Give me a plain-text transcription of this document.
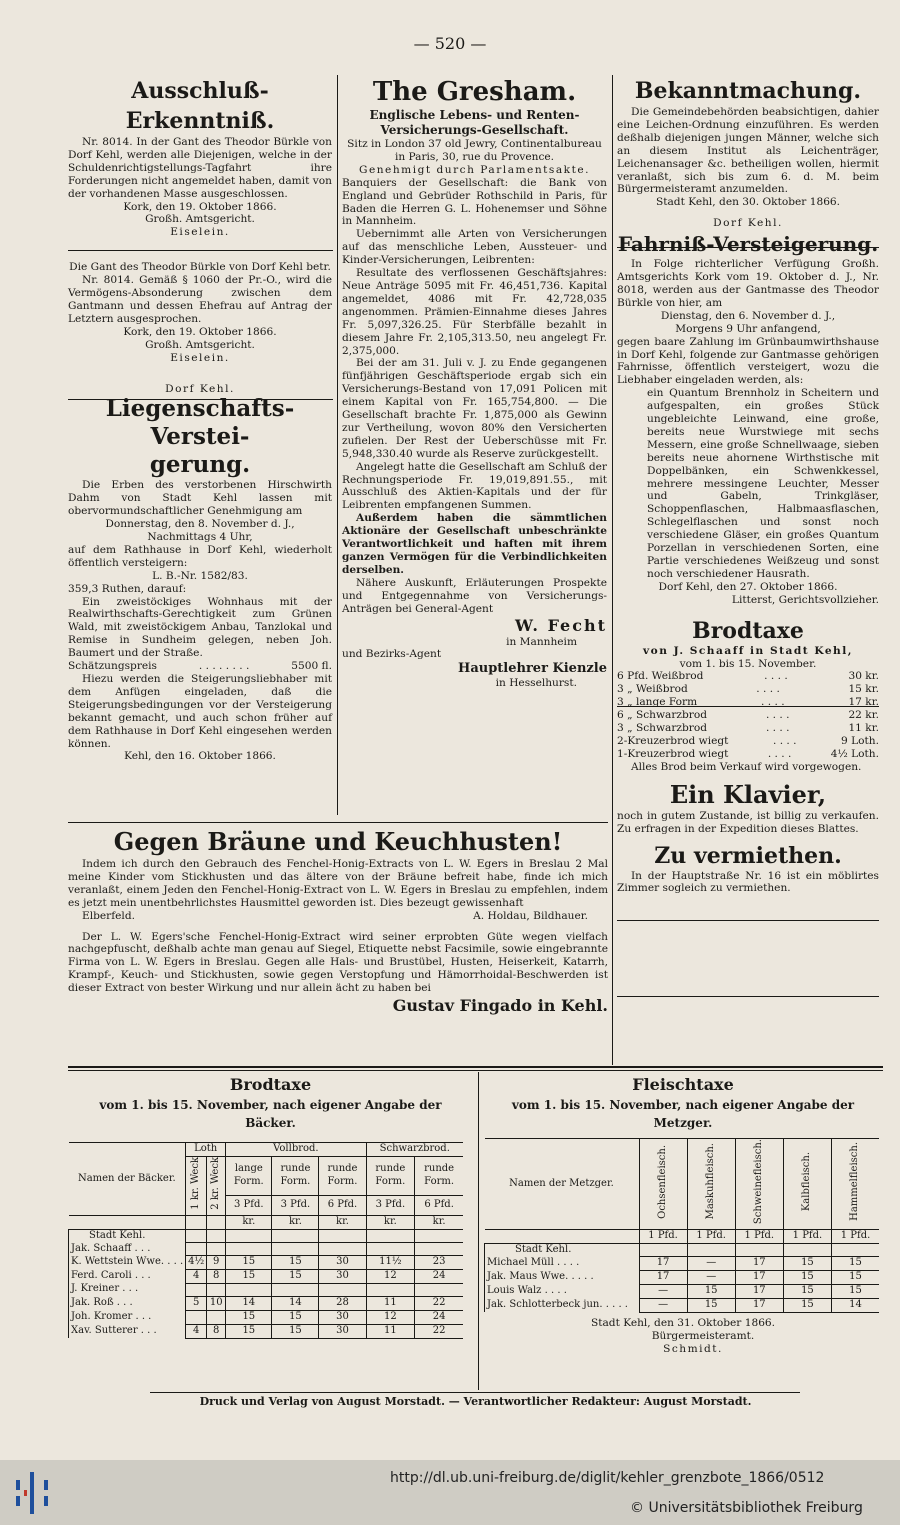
— 520 —

Ausschluß-Erkenntniß.

Nr. 8014. In der Gant des Theodor Bürkle von Dorf Kehl, werden alle Diejenigen, welche in der Schuldenrichtigstellungs-Tagfahrt ihre Forderungen nicht angemeldet haben, damit von der vorhandenen Masse ausgeschlossen.

Kork, den 19. Oktober 1866.

Großh. Amtsgericht.

Eiselein.

Die Gant des Theodor Bürkle von Dorf Kehl betr.

Nr. 8014. Gemäß § 1060 der Pr.-O., wird die Vermögens-Absonderung zwischen dem Gantmann und dessen Ehefrau auf Antrag der Letztern ausgesprochen.

Kork, den 19. Oktober 1866.

Großh. Amtsgericht.

Eiselein.

Dorf Kehl.

Liegenschafts-Verstei-

gerung.

Die Erben des verstorbenen Hirschwirth Dahm von Stadt Kehl lassen mit obervormundschaftlicher Genehmigung am

Donnerstag, den 8. November d. J.,

Nachmittags 4 Uhr,

auf dem Rathhause in Dorf Kehl, wiederholt öffentlich versteigern:

L. B.-Nr. 1582/83.

359,3 Ruthen, darauf:

Ein zweistöckiges Wohnhaus mit der Realwirthschafts-Gerechtigkeit zum Grünen Wald, mit zweistöckigem Anbau, Tanzlokal und Remise in Sundheim gelegen, neben Joh. Baumert und der Straße.

Schätzungspreis	. . . . . . . .	5500 fl.

Hiezu werden die Steigerungsliebhaber mit dem Anfügen eingeladen, daß die Steigerungsbedingungen vor der Versteigerung bekannt gemacht, und auch schon früher auf dem Rathhause in Dorf Kehl eingesehen werden können.

Kehl, den 16. Oktober 1866.

The Gresham.

Englische Lebens- und Renten-

Versicherungs-Gesellschaft.

Sitz in London 37 old Jewry, Continentalbureau in Paris, 30, rue du Provence.

Genehmigt durch Parlamentsakte.

Banquiers der Gesellschaft: die Bank von England und Gebrüder Rothschild in Paris, für Baden die Herren G. L. Hohenemser und Söhne in Mannheim.

Uebernimmt alle Arten von Versicherungen auf das menschliche Leben, Aussteuer- und Kinder-Versicherungen, Leibrenten:

Resultate des verflossenen Geschäftsjahres: Neue Anträge 5095 mit Fr. 46,451,736. Kapital angemeldet, 4086 mit Fr. 42,728,035 angenommen. Prämien-Einnahme dieses Jahres Fr. 5,097,326.25. Für Sterbfälle bezahlt in diesem Jahre Fr. 2,105,313.50, neu angelegt Fr. 2,375,000.

Bei der am 31. Juli v. J. zu Ende gegangenen fünfjährigen Geschäftsperiode ergab sich ein Versicherungs-Bestand von 17,091 Policen mit einem Kapital von Fr. 165,754,800. — Die Gesellschaft brachte Fr. 1,875,000 als Gewinn zur Vertheilung, wovon 80% den Versicherten zufielen. Der Rest der Ueberschüsse mit Fr. 5,948,330.40 wurde als Reserve zurückgestellt.

Angelegt hatte die Gesellschaft am Schluß der Rechnungsperiode Fr. 19,019,891.55., mit Ausschluß des Aktien-Kapitals und der für Leibrenten empfangenen Summen.

Außerdem haben die sämmtlichen Aktionäre der Gesellschaft unbeschränkte Verantwortlichkeit und haften mit ihrem ganzen Vermögen für die Verbindlichkeiten derselben.

Nähere Auskunft, Erläuterungen Prospekte und Entgegennahme von Versicherungs-Anträgen bei General-Agent

W. Fecht

in Mannheim

und Bezirks-Agent

Hauptlehrer Kienzle

in Hesselhurst.

Bekanntmachung.

Die Gemeindebehörden beabsichtigen, dahier eine Leichen-Ordnung einzuführen. Es werden deßhalb diejenigen jungen Männer, welche sich an diesem Institut als Leichenträger, Leichenansager &c. betheiligen wollen, hiermit veranlaßt, sich bis zum 6. d. M. beim Bürgermeisteramt anzumelden.

Stadt Kehl, den 30. Oktober 1866.

Dorf Kehl.

Fahrniß-Versteigerung.

In Folge richterlicher Verfügung Großh. Amtsgerichts Kork vom 19. Oktober d. J., Nr. 8018, werden aus der Gantmasse des Theodor Bürkle von hier, am

Dienstag, den 6. November d. J.,

Morgens 9 Uhr anfangend,

gegen baare Zahlung im Grünbaumwirthshause in Dorf Kehl, folgende zur Gantmasse gehörigen Fahrnisse, öffentlich versteigert, wozu die Liebhaber eingeladen werden, als:

ein Quantum Brennholz in Scheitern und aufgespalten, ein großes Stück ungebleichte Leinwand, eine große, bereits neue Wurstwiege mit sechs Messern, eine große Schnellwaage, sieben bereits neue ahornene Wirthstische mit Doppelbänken, ein Schwenkkessel, mehrere messingene Leuchter, Messer und Gabeln, Trinkgläser, Schoppenflaschen, Halbmaasflaschen, Schlegelflaschen und sonst noch verschiedene Gläser, ein großes Quantum Porzellan in verschiedenen Sorten, eine Partie verschiedenes Weißzeug und sonst noch verschiedener Hausrath.

Dorf Kehl, den 27. Oktober 1866.

Litterst, Gerichtsvollzieher.

Brodtaxe

von J. Schaaff in Stadt Kehl,

vom 1. bis 15. November.

6 Pfd. Weißbrod	. . . .	30 kr.

3 „ Weißbrod	. . . .	15 kr.

3 „ lange Form	. . . .	17 kr.

6 „ Schwarzbrod	. . . .	22 kr.

3 „ Schwarzbrod	. . . .	11 kr.

2-Kreuzerbrod wiegt	. . . .	9 Loth.

1-Kreuzerbrod wiegt	. . . .	4½ Loth.

Alles Brod beim Verkauf wird vorgewogen.

Ein Klavier,

noch in gutem Zustande, ist billig zu verkaufen. Zu erfragen in der Expedition dieses Blattes.

Zu vermiethen.

In der Hauptstraße Nr. 16 ist ein möblirtes Zimmer sogleich zu vermiethen.

Gegen Bräune und Keuchhusten!

Indem ich durch den Gebrauch des Fenchel-Honig-Extracts von L. W. Egers in Breslau 2 Mal meine Kinder vom Stickhusten und das ältere von der Bräune befreit habe, finde ich mich veranlaßt, einem Jeden den Fenchel-Honig-Extract von L. W. Egers in Breslau zu empfehlen, indem es jetzt mein unentbehrlichstes Hausmittel geworden ist. Dies bezeugt gewissenhaft

Elberfeld.	A. Holdau, Bildhauer.

Der L. W. Egers'sche Fenchel-Honig-Extract wird seiner erprobten Güte wegen vielfach nachgepfuscht, deßhalb achte man genau auf Siegel, Etiquette nebst Facsimile, sowie eingebrannte Firma von L. W. Egers in Breslau. Gegen alle Hals- und Brustübel, Husten, Heiserkeit, Katarrh, Krampf-, Keuch- und Stickhusten, sowie gegen Verstopfung und Hämorrhoidal-Beschwerden ist dieser Extract von bester Wirkung und nur allein ächt zu haben bei

Gustav Fingado in Kehl.

Brodtaxe

vom 1. bis 15. November, nach eigener Angabe der Bäcker.

Namen der Bäcker.	Loth		Vollbrod.			Schwarzbrod.	
	1 kr. Weck	2 kr. Weck	lange Form.	runde Form.	runde Form.	runde Form.	runde Form.
			3 Pfd.	3 Pfd.	6 Pfd.	3 Pfd.	6 Pfd.
			kr.	kr.	kr.	kr.	kr.
Stadt Kehl.							
Jak. Schaaff . . .							
K. Wettstein Wwe. . . .	4½	9	15	15	30	11½	23
Ferd. Caroli . . .	4	8	15	15	30	12	24
J. Kreiner . . .							
Jak. Roß . . .	5	10	14	14	28	11	22
Joh. Kromer . . .			15	15	30	12	24
Xav. Sutterer . . .	4	8	15	15	30	11	22

Fleischtaxe

vom 1. bis 15. November, nach eigener Angabe der Metzger.

Namen der Metzger.	Ochsenfleisch.	Maskuhfleisch.	Schweinefleisch.	Kalbfleisch.	Hammelfleisch.
	1 Pfd.	1 Pfd.	1 Pfd.	1 Pfd.	1 Pfd.
Stadt Kehl.					
Michael Müll . . . .	17	—	17	15	15
Jak. Maus Wwe. . . . .	17	—	17	15	15
Louis Walz . . . .	—	15	17	15	15
Jak. Schlotterbeck jun. . . . .	—	15	17	15	14

Stadt Kehl, den 31. Oktober 1866.

Bürgermeisteramt.

Schmidt.

Druck und Verlag von August Morstadt. — Verantwortlicher Redakteur: August Morstadt.
http://dl.ub.uni-freiburg.de/diglit/kehler_grenzbote_1866/0512
© Universitätsbibliothek Freiburg
